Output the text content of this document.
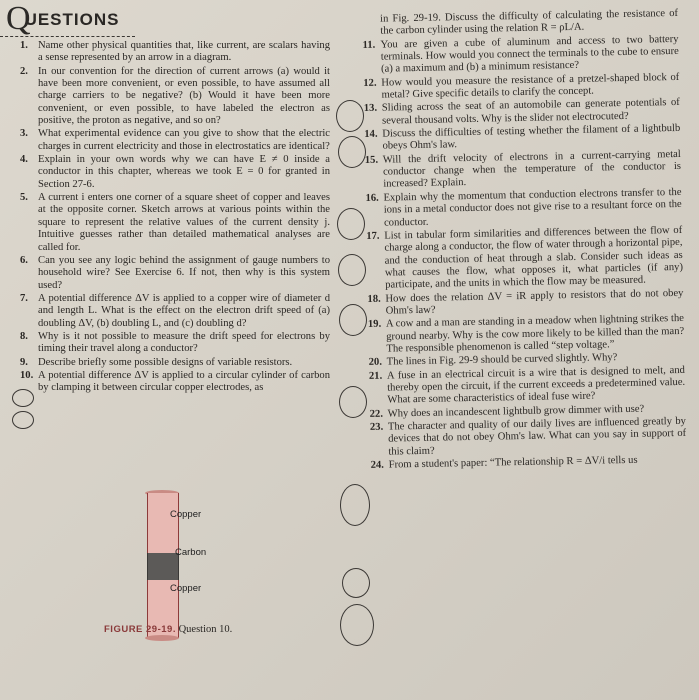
Q
UESTIONS
1. Name other physical quantities that, like current, are scalars having a sense represented by an arrow in a diagram.
2. In our convention for the direction of current arrows (a) would it have been more convenient, or even possible, to have assumed all charge carriers to be negative? (b) Would it have been more convenient, or even possible, to have labeled the electron as positive, the proton as negative, and so on?
3. What experimental evidence can you give to show that the electric charges in current electricity and those in electrostatics are identical?
4. Explain in your own words why we can have E ≠ 0 inside a conductor in this chapter, whereas we took E = 0 for granted in Section 27-6.
5. A current i enters one corner of a square sheet of copper and leaves at the opposite corner. Sketch arrows at various points within the square to represent the relative values of the current density j. Intuitive guesses rather than detailed mathematical analyses are called for.
6. Can you see any logic behind the assignment of gauge numbers to household wire? See Exercise 6. If not, then why is this system used?
7. A potential difference ΔV is applied to a copper wire of diameter d and length L. What is the effect on the electron drift speed of (a) doubling ΔV, (b) doubling L, and (c) doubling d?
8. Why is it not possible to measure the drift speed for electrons by timing their travel along a conductor?
9. Describe briefly some possible designs of variable resistors.
10. A potential difference ΔV is applied to a circular cylinder of carbon by clamping it between circular copper electrodes, as
Copper
Carbon
Copper
FIGURE 29-19. Question 10.
in Fig. 29-19. Discuss the difficulty of calculating the resistance of the carbon cylinder using the relation R = ρL/A.
11. You are given a cube of aluminum and access to two battery terminals. How would you connect the terminals to the cube to ensure (a) a maximum and (b) a minimum resistance?
12. How would you measure the resistance of a pretzel-shaped block of metal? Give specific details to clarify the concept.
13. Sliding across the seat of an automobile can generate potentials of several thousand volts. Why is the slider not electrocuted?
14. Discuss the difficulties of testing whether the filament of a lightbulb obeys Ohm's law.
15. Will the drift velocity of electrons in a current-carrying metal conductor change when the temperature of the conductor is increased? Explain.
16. Explain why the momentum that conduction electrons transfer to the ions in a metal conductor does not give rise to a resultant force on the conductor.
17. List in tabular form similarities and differences between the flow of charge along a conductor, the flow of water through a horizontal pipe, and the conduction of heat through a slab. Consider such ideas as what causes the flow, what opposes it, what particles (if any) participate, and the units in which the flow may be measured.
18. How does the relation ΔV = iR apply to resistors that do not obey Ohm's law?
19. A cow and a man are standing in a meadow when lightning strikes the ground nearby. Why is the cow more likely to be killed than the man? The responsible phenomenon is called “step voltage.”
20. The lines in Fig. 29-9 should be curved slightly. Why?
21. A fuse in an electrical circuit is a wire that is designed to melt, and thereby open the circuit, if the current exceeds a predetermined value. What are some characteristics of ideal fuse wire?
22. Why does an incandescent lightbulb grow dimmer with use?
23. The character and quality of our daily lives are influenced greatly by devices that do not obey Ohm's law. What can you say in support of this claim?
24. From a student's paper: “The relationship R = ΔV/i tells us
